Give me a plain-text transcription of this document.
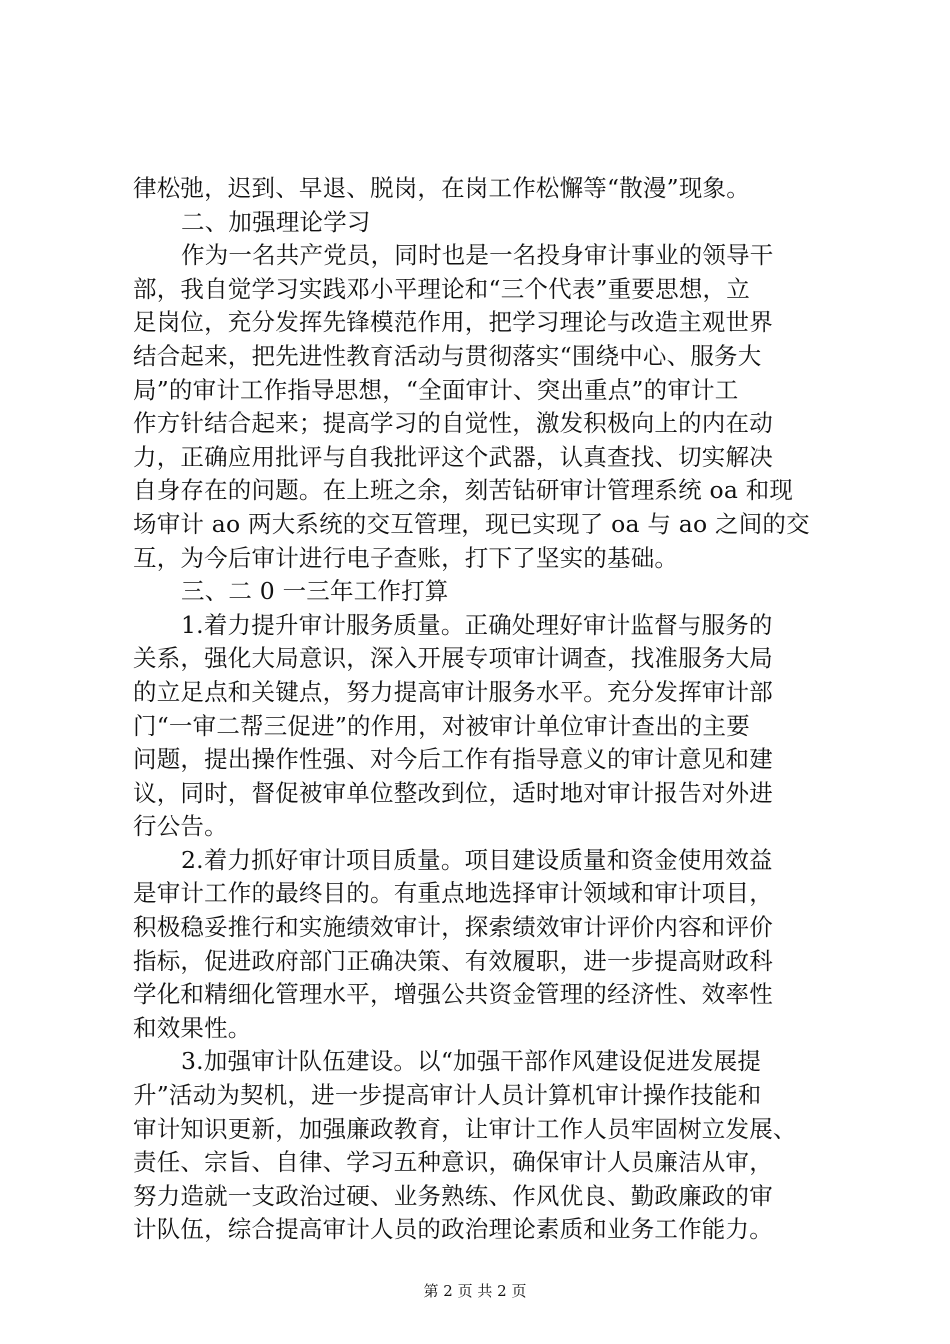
律松弛，迟到、早退、脱岗，在岗工作松懈等“散漫”现象。
二、加强理论学习
作为一名共产党员，同时也是一名投身审计事业的领导干
部，我自觉学习实践邓小平理论和“三个代表”重要思想，立
足岗位，充分发挥先锋模范作用，把学习理论与改造主观世界
结合起来，把先进性教育活动与贯彻落实“围绕中心、服务大
局”的审计工作指导思想，“全面审计、突出重点”的审计工
作方针结合起来；提高学习的自觉性，激发积极向上的内在动
力，正确应用批评与自我批评这个武器，认真查找、切实解决
自身存在的问题。在上班之余，刻苦钻研审计管理系统 oa 和现
场审计 ao 两大系统的交互管理，现已实现了 oa 与 ao 之间的交
互，为今后审计进行电子查账，打下了坚实的基础。
三、二 0 一三年工作打算
1.着力提升审计服务质量。正确处理好审计监督与服务的
关系，强化大局意识，深入开展专项审计调查，找准服务大局
的立足点和关键点，努力提高审计服务水平。充分发挥审计部
门“一审二帮三促进”的作用，对被审计单位审计查出的主要
问题，提出操作性强、对今后工作有指导意义的审计意见和建
议，同时，督促被审单位整改到位，适时地对审计报告对外进
行公告。
2.着力抓好审计项目质量。项目建设质量和资金使用效益
是审计工作的最终目的。有重点地选择审计领域和审计项目，
积极稳妥推行和实施绩效审计，探索绩效审计评价内容和评价
指标，促进政府部门正确决策、有效履职，进一步提高财政科
学化和精细化管理水平，增强公共资金管理的经济性、效率性
和效果性。
3.加强审计队伍建设。以“加强干部作风建设促进发展提
升”活动为契机，进一步提高审计人员计算机审计操作技能和
审计知识更新，加强廉政教育，让审计工作人员牢固树立发展、
责任、宗旨、自律、学习五种意识，确保审计人员廉洁从审，
努力造就一支政治过硬、业务熟练、作风优良、勤政廉政的审
计队伍，综合提高审计人员的政治理论素质和业务工作能力。
第 2 页 共 2 页
